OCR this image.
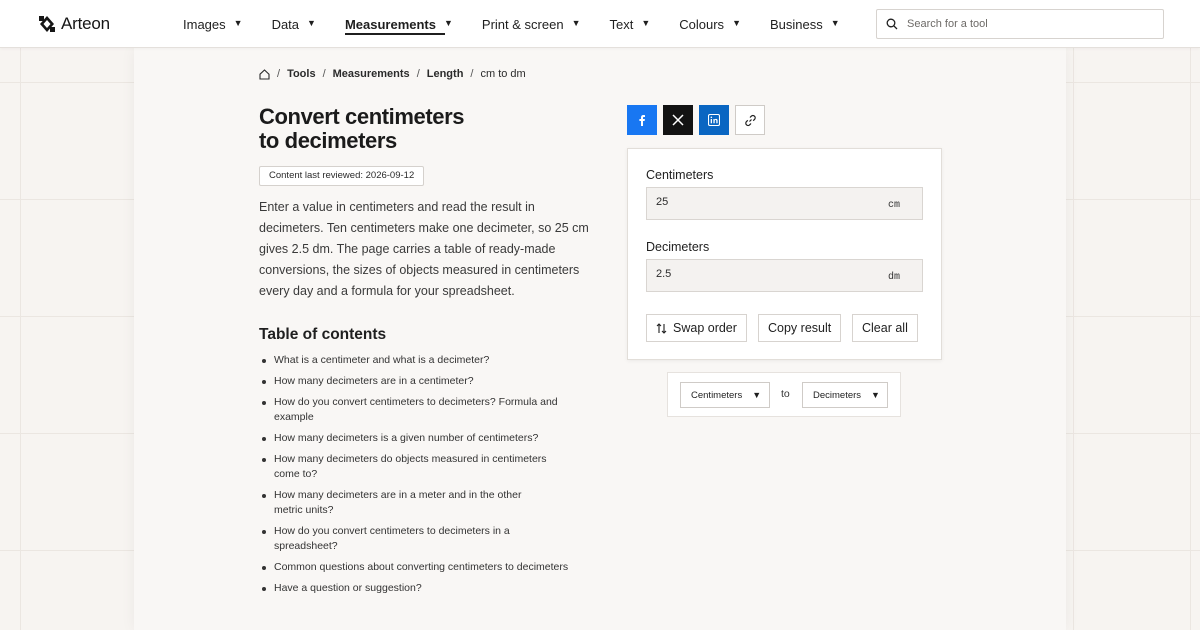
Arteon	Images ▼ Data ▼ Measurements ▼ Print & screen ▼ Text ▼ Colours ▼ Business ▼
Search for a tool
/ Tools / Measurements / Length / cm to dm
Convert centimeters
to decimeters
Content last reviewed: 2026-09-12

Enter a value in centimeters and read the result in decimeters. Ten centimeters make one decimeter, so 25 cm gives 2.5 dm. The page carries a table of ready-made conversions, the sizes of objects measured in centimeters every day and a formula for your spreadsheet.

Table of contents
What is a centimeter and what is a decimeter?
How many decimeters are in a centimeter?
How do you convert centimeters to decimeters? Formula and example
How many decimeters is a given number of centimeters?
How many decimeters do objects measured in centimeters come to?
How many decimeters are in a meter and in the other metric units?
How do you convert centimeters to decimeters in a spreadsheet?
Common questions about converting centimeters to decimeters
Have a question or suggestion?
Centimeters
25
cm
Decimeters
2.5
dm
Swap order Copy result Clear all
Centimeters ▼ to Decimeters ▼
